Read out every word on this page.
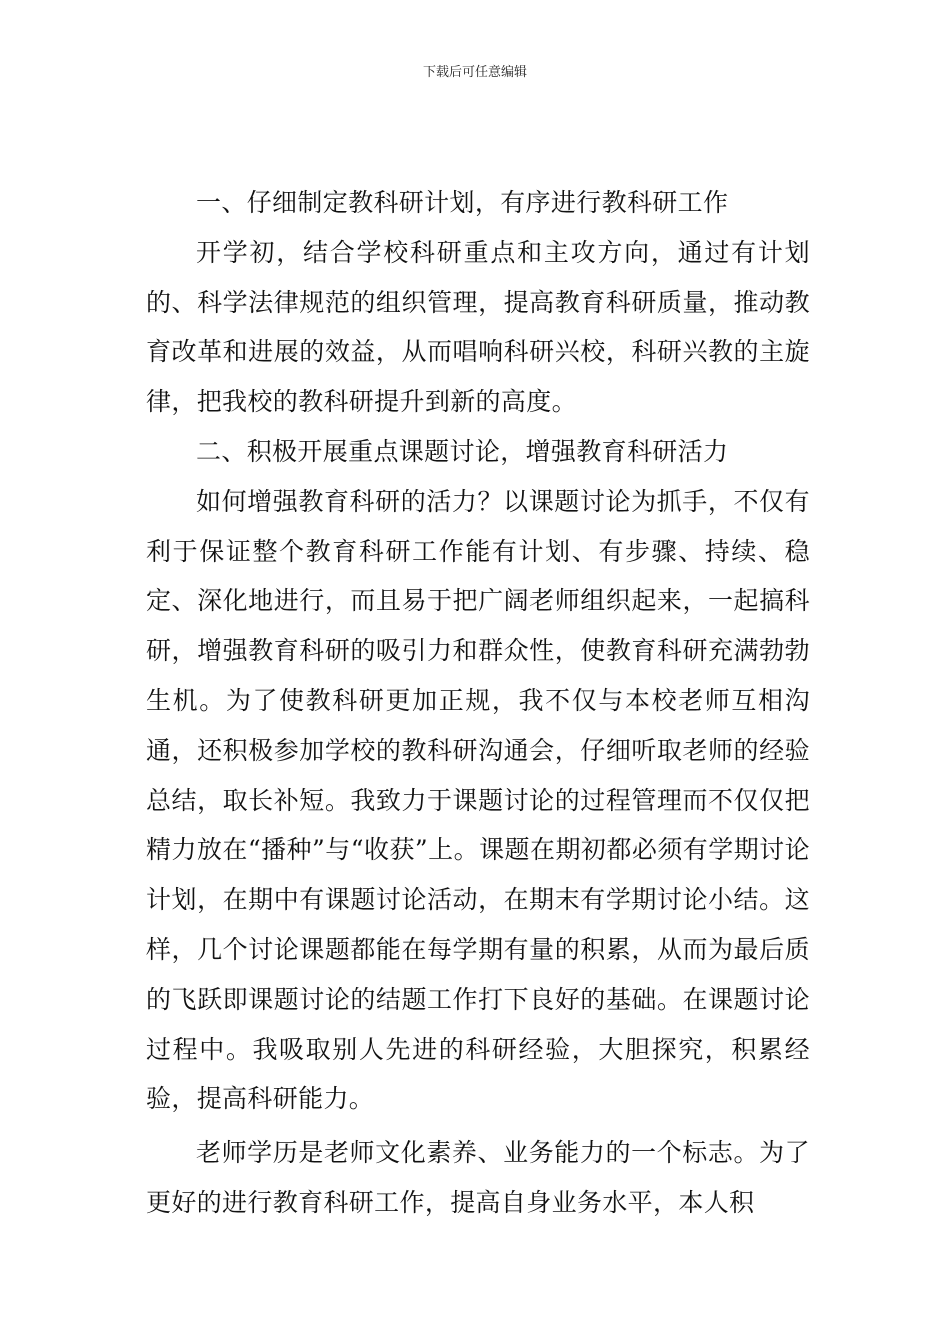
下载后可任意编辑

一、仔细制定教科研计划，有序进行教科研工作

开学初，结合学校科研重点和主攻方向，通过有计划的、科学法律规范的组织管理，提高教育科研质量，推动教育改革和进展的效益，从而唱响科研兴校，科研兴教的主旋律，把我校的教科研提升到新的高度。

二、积极开展重点课题讨论，增强教育科研活力

如何增强教育科研的活力？以课题讨论为抓手，不仅有利于保证整个教育科研工作能有计划、有步骤、持续、稳定、深化地进行，而且易于把广阔老师组织起来，一起搞科研，增强教育科研的吸引力和群众性，使教育科研充满勃勃生机。为了使教科研更加正规，我不仅与本校老师互相沟通，还积极参加学校的教科研沟通会，仔细听取老师的经验总结，取长补短。我致力于课题讨论的过程管理而不仅仅把精力放在“播种”与“收获”上。课题在期初都必须有学期讨论计划，在期中有课题讨论活动，在期末有学期讨论小结。这样，几个讨论课题都能在每学期有量的积累，从而为最后质的飞跃即课题讨论的结题工作打下良好的基础。在课题讨论过程中。我吸取别人先进的科研经验，大胆探究，积累经验，提高科研能力。

老师学历是老师文化素养、业务能力的一个标志。为了更好的进行教育科研工作，提高自身业务水平，本人积
